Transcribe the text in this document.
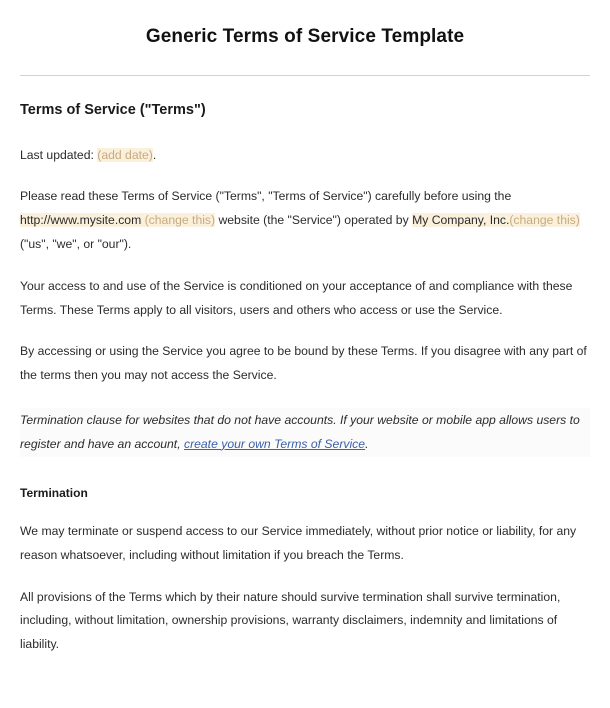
Generic Terms of Service Template
Terms of Service ("Terms")

Last updated: (add date).

Please read these Terms of Service ("Terms", "Terms of Service") carefully before using the http://www.mysite.com (change this) website (the "Service") operated by My Company, Inc.(change this) ("us", "we", or "our").

Your access to and use of the Service is conditioned on your acceptance of and compliance with these Terms. These Terms apply to all visitors, users and others who access or use the Service.

By accessing or using the Service you agree to be bound by these Terms. If you disagree with any part of the terms then you may not access the Service.

Termination clause for websites that do not have accounts. If your website or mobile app allows users to register and have an account, create your own Terms of Service.

Termination

We may terminate or suspend access to our Service immediately, without prior notice or liability, for any reason whatsoever, including without limitation if you breach the Terms.

All provisions of the Terms which by their nature should survive termination shall survive termination, including, without limitation, ownership provisions, warranty disclaimers, indemnity and limitations of liability.
